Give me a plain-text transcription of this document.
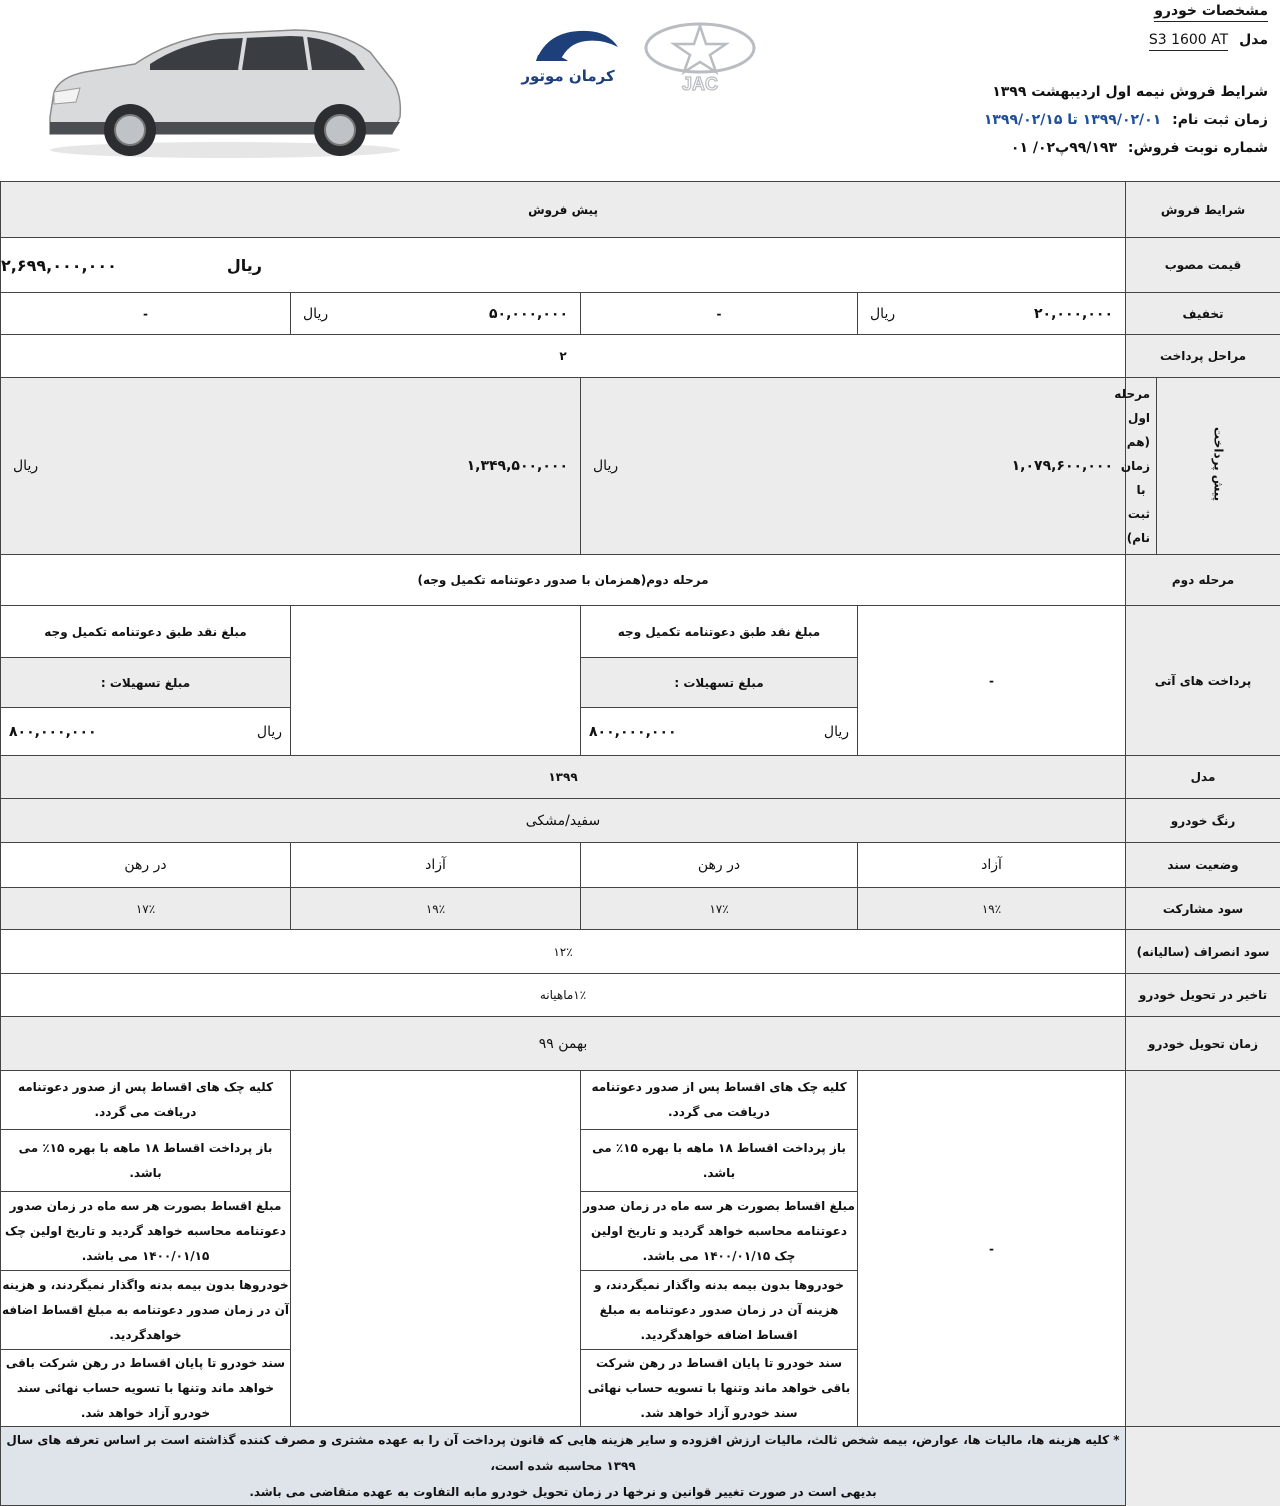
کرمان موتور	JAC
مشخصات خودرو
مدل S3 1600 AT
شرایط فروش نیمه اول اردیبهشت ۱۳۹۹
زمان ثبت نام: ۱۳۹۹/۰۲/۰۱ تا ۱۳۹۹/۰۲/۱۵
شماره نوبت فروش: ۹۹/۱۹۳پ۰۲/ ۰۱
پیش فروش				شرایط فروش	

ریال
۲,۶۹۹,۰۰۰,۰۰۰				قیمت مصوب	
-	ریال ۵۰,۰۰۰,۰۰۰	-	ریال ۲۰,۰۰۰,۰۰۰	تخفیف	
۲				مراحل پرداخت	

ریال ۱,۳۴۹,۵۰۰,۰۰۰		ریال ۱,۰۷۹,۶۰۰,۰۰۰		مرحله اول (هم زمان با ثبت نام)	پیش پرداخت
مرحله دوم(همزمان با صدور دعوتنامه تکمیل وجه)				مرحله دوم	
مبلغ نقد طبق دعوتنامه تکمیل وجه		مبلغ نقد طبق دعوتنامه تکمیل وجه	-	پرداخت های آتی	
مبلغ تسهیلات :		مبلغ تسهیلات :			

۸۰۰,۰۰۰,۰۰۰ ریال		۸۰۰,۰۰۰,۰۰۰ ریال			

۱۳۹۹				مدل	
سفید/مشکی				رنگ خودرو	
در رهن	آزاد	در رهن	آزاد	وضعیت سند	
۱۷٪	۱۹٪	۱۷٪	۱۹٪	سود مشارکت	
۱۲٪				سود انصراف (سالیانه)	
۱٪ماهیانه				تاخیر در تحویل خودرو	
بهمن ۹۹				زمان تحویل خودرو	
کلیه چک های اقساط پس از صدور دعوتنامه دریافت می گردد.		کلیه چک های اقساط پس از صدور دعوتنامه دریافت می گردد.	-		
باز پرداخت اقساط ۱۸ ماهه با بهره ۱۵٪ می باشد.		باز پرداخت اقساط ۱۸ ماهه با بهره ۱۵٪ می باشد.			
مبلغ اقساط بصورت هر سه ماه در زمان صدور دعوتنامه محاسبه خواهد گردید و تاریخ اولین چک ۱۴۰۰/۰۱/۱۵ می باشد.		مبلغ اقساط بصورت هر سه ماه در زمان صدور دعوتنامه محاسبه خواهد گردید و تاریخ اولین چک ۱۴۰۰/۰۱/۱۵ می باشد.			
خودروها بدون بیمه بدنه واگذار نمیگردند، و هزینه آن در زمان صدور دعوتنامه به مبلغ اقساط اضافه خواهدگردید.		خودروها بدون بیمه بدنه واگذار نمیگردند، و هزینه آن در زمان صدور دعوتنامه به مبلغ اقساط اضافه خواهدگردید.			
سند خودرو تا پایان اقساط در رهن شرکت باقی خواهد ماند وتنها با تسویه حساب نهائی سند خودرو آزاد خواهد شد.		سند خودرو تا پایان اقساط در رهن شرکت باقی خواهد ماند وتنها با تسویه حساب نهائی سند خودرو آزاد خواهد شد.			

* کلیه هزینه ها، مالیات ها، عوارض، بیمه شخص ثالث، مالیات ارزش افزوده و سایر هزینه هایی که قانون پرداخت آن را به عهده مشتری و مصرف کننده گذاشته است بر اساس تعرفه های سال ۱۳۹۹ محاسبه شده است،
بدیهی است در صورت تغییر قوانین و نرخها در زمان تحویل خودرو مابه التفاوت به عهده متقاضی می باشد.					
